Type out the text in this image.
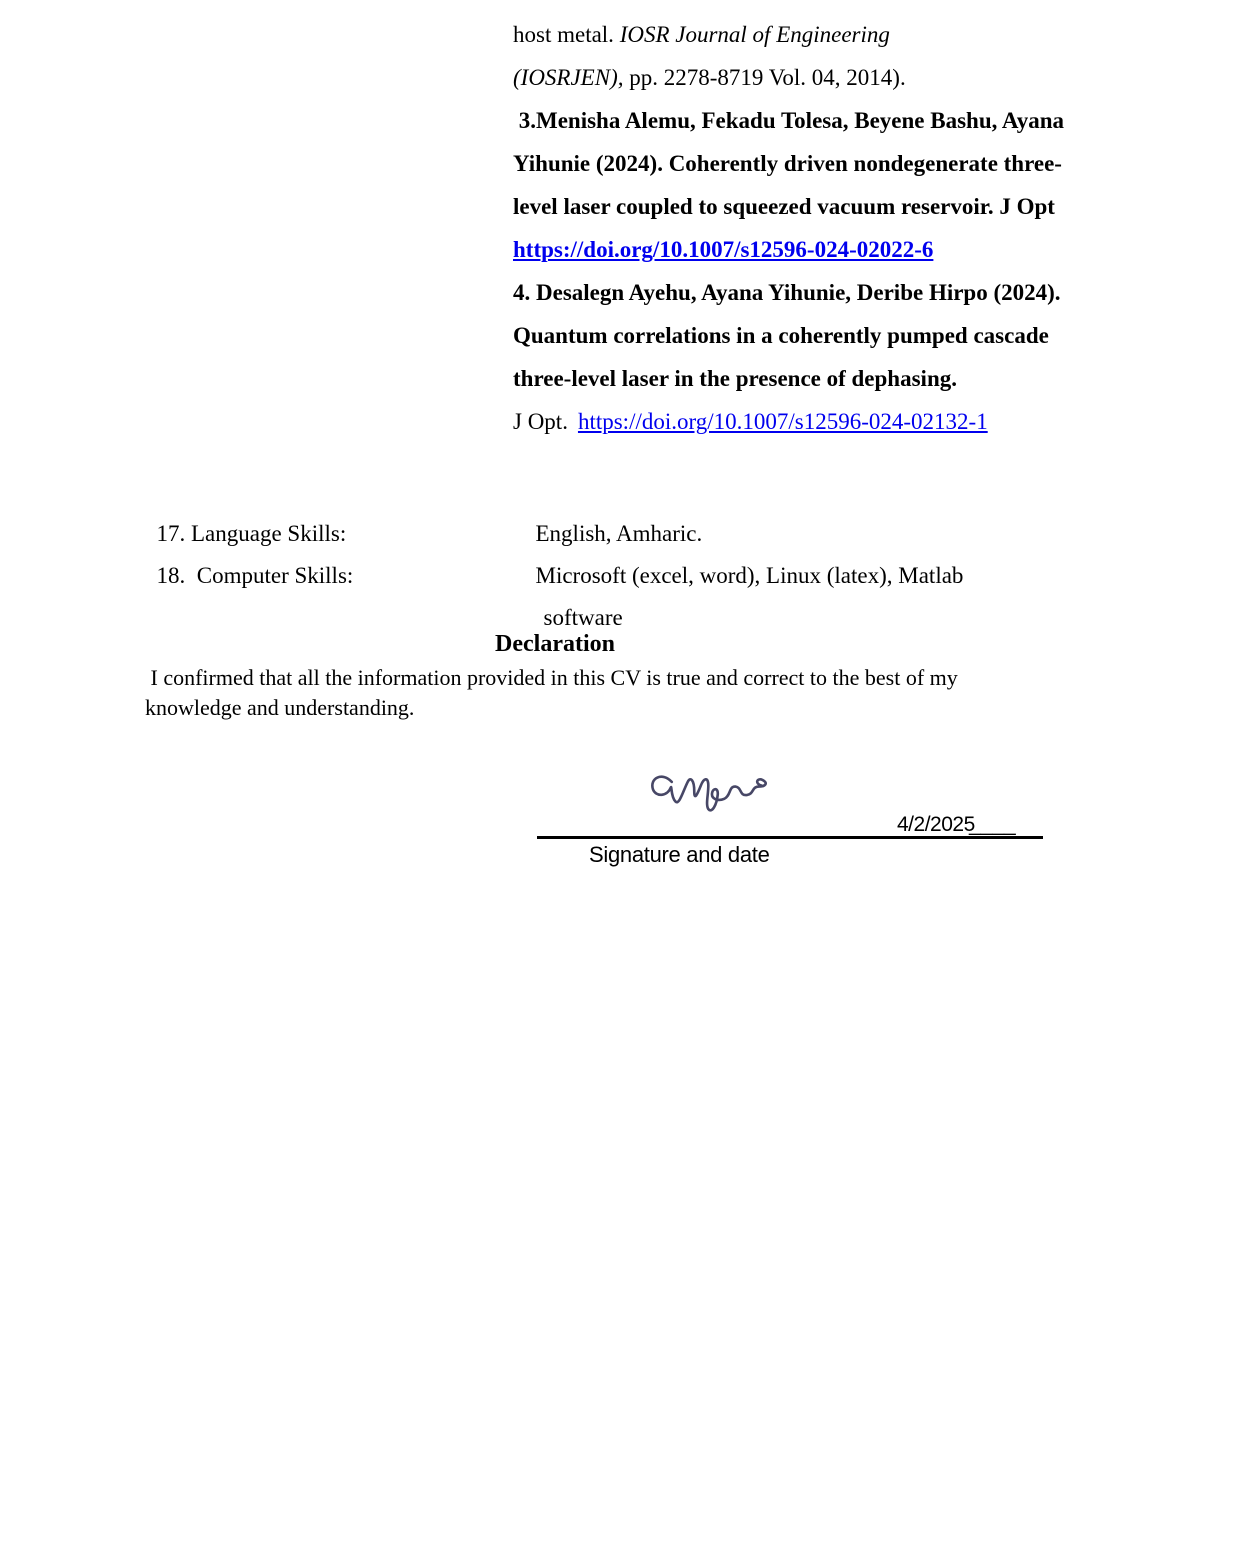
host metal. IOSR Journal of Engineering
(IOSRJEN), pp. 2278-8719 Vol. 04, 2014).
3.Menisha Alemu, Fekadu Tolesa, Beyene Bashu, Ayana
Yihunie (2024). Coherently driven nondegenerate three-
level laser coupled to squeezed vacuum reservoir. J Opt
https://doi.org/10.1007/s12596-024-02022-6
4. Desalegn Ayehu, Ayana Yihunie, Deribe Hirpo (2024).
Quantum correlations in a coherently pumped cascade
three-level laser in the presence of dephasing.
J Opt. https://doi.org/10.1007/s12596-024-02132-1

17. Language Skills:	English, Amharic.

18.  Computer Skills:	Microsoft (excel, word), Linux (latex), Matlab

software

Declaration
I confirmed that all the information provided in this CV is true and correct to the best of my
knowledge and understanding.
4/2/2025
____
Signature and date
